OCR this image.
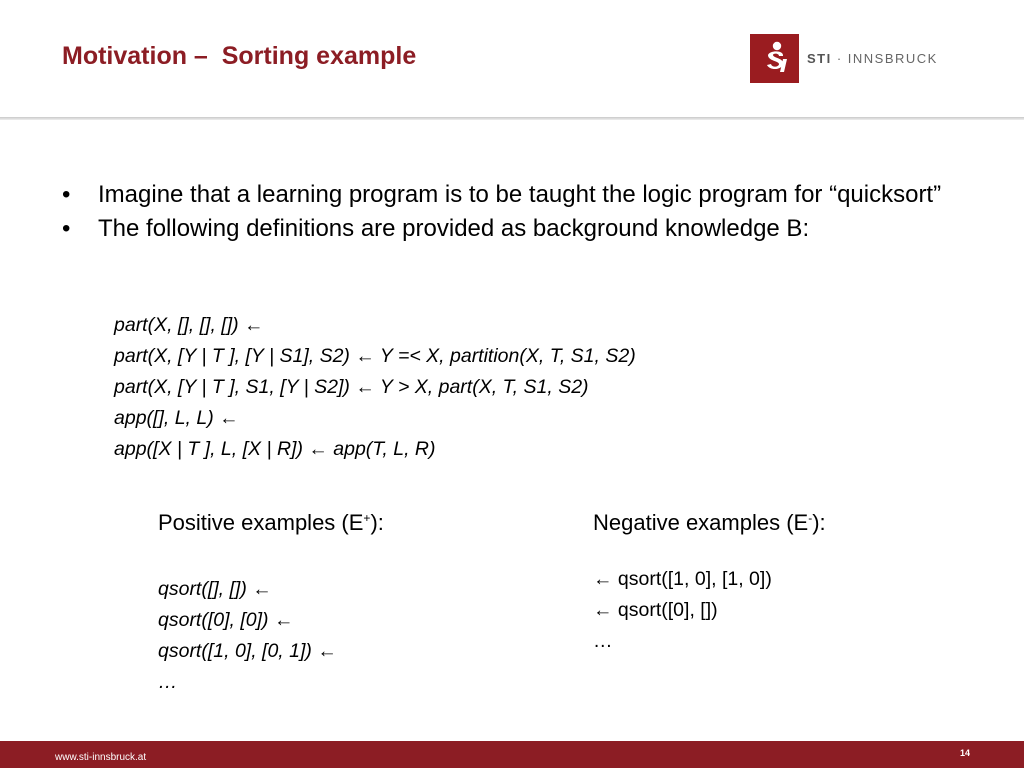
Motivation –  Sorting example	STI · INNSBRUCK
• Imagine that a learning program is to be taught the logic program for “quicksort”
• The following definitions are provided as background knowledge B:
part(X, [], [], []) ←
part(X, [Y | T ], [Y | S1], S2) ← Y =< X, partition(X, T, S1, S2)
part(X, [Y | T ], S1, [Y | S2]) ← Y > X, part(X, T, S1, S2)
app([], L, L) ←
app([X | T ], L, [X | R]) ← app(T, L, R)
Positive examples (E+):
qsort([], []) ←
qsort([0], [0]) ←
qsort([1, 0], [0, 1]) ←
…
Negative examples (E-):
← qsort([1, 0], [1, 0])
← qsort([0], [])
…
www.sti-innsbruck.at	14
